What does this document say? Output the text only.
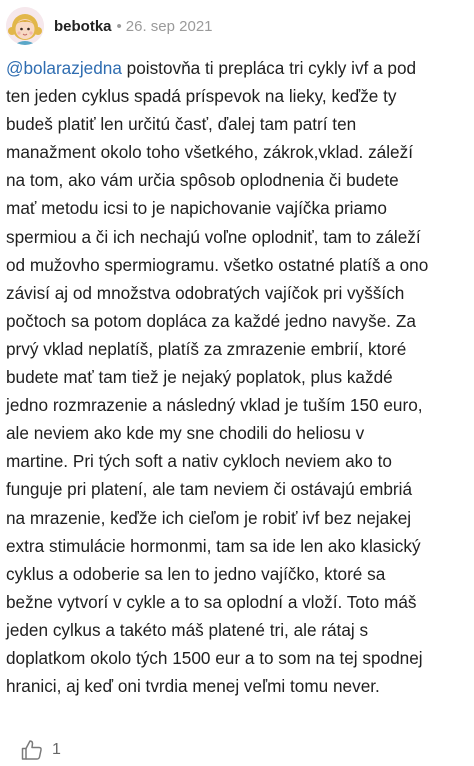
bebotka • 26. sep 2021
@bolarazjedna poistovňa ti prepláca tri cykly ivf a pod
ten jeden cyklus spadá príspevok na lieky, keďže ty
budeš platiť len určitú časť, ďalej tam patrí ten
manažment okolo toho všetkého, zákrok,vklad. záleží
na tom, ako vám určia spôsob oplodnenia či budete
mať metodu icsi to je napichovanie vajíčka priamo
spermiou a či ich nechajú voľne oplodniť, tam to záleží
od mužovho spermiogramu. všetko ostatné platíš a ono
závisí aj od množstva odobratých vajíčok pri vyšších
počtoch sa potom dopláca za každé jedno navyše. Za
prvý vklad neplatíš, platíš za zmrazenie embrií, ktoré
budete mať tam tiež je nejaký poplatok, plus každé
jedno rozmrazenie a následný vklad je tuším 150 euro,
ale neviem ako kde my sne chodili do heliosu v
martine. Pri tých soft a nativ cykloch neviem ako to
funguje pri platení, ale tam neviem či ostávajú embriá
na mrazenie, keďže ich cieľom je robiť ivf bez nejakej
extra stimulácie hormonmi, tam sa ide len ako klasický
cyklus a odoberie sa len to jedno vajíčko, ktoré sa
bežne vytvorí v cykle a to sa oplodní a vloží. Toto máš
jeden cylkus a takéto máš platené tri, ale rátaj s
doplatkom okolo tých 1500 eur a to som na tej spodnej
hranici, aj keď oni tvrdia menej veľmi tomu never.
1
